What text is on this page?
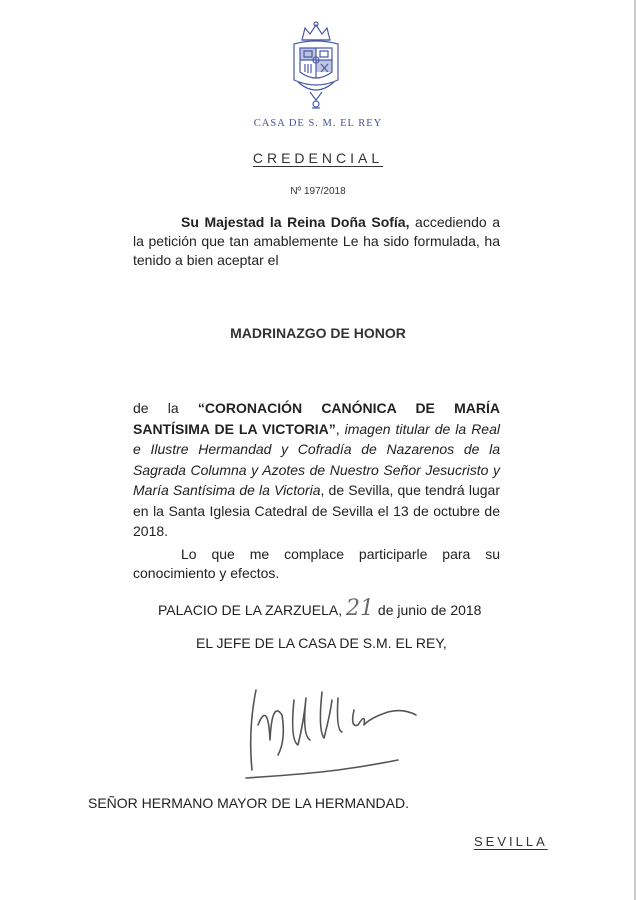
CASA DE S. M. EL REY
CREDENCIAL
Nº 197/2018
Su Majestad la Reina Doña Sofía, accediendo a la petición que tan amablemente Le ha sido formulada, ha tenido a bien aceptar el
MADRINAZGO DE HONOR
de la “CORONACIÓN CANÓNICA DE MARÍA SANTÍSIMA DE LA VICTORIA”, imagen titular de la Real e Ilustre Hermandad y Cofradía de Nazarenos de la Sagrada Columna y Azotes de Nuestro Señor Jesucristo y María Santísima de la Victoria, de Sevilla, que tendrá lugar en la Santa Iglesia Catedral de Sevilla el 13 de octubre de 2018.
Lo que me complace participarle para su conocimiento y efectos.
PALACIO DE LA ZARZUELA, 21 de junio de 2018
EL JEFE DE LA CASA DE S.M. EL REY,
SEÑOR HERMANO MAYOR DE LA HERMANDAD.
SEVILLA
